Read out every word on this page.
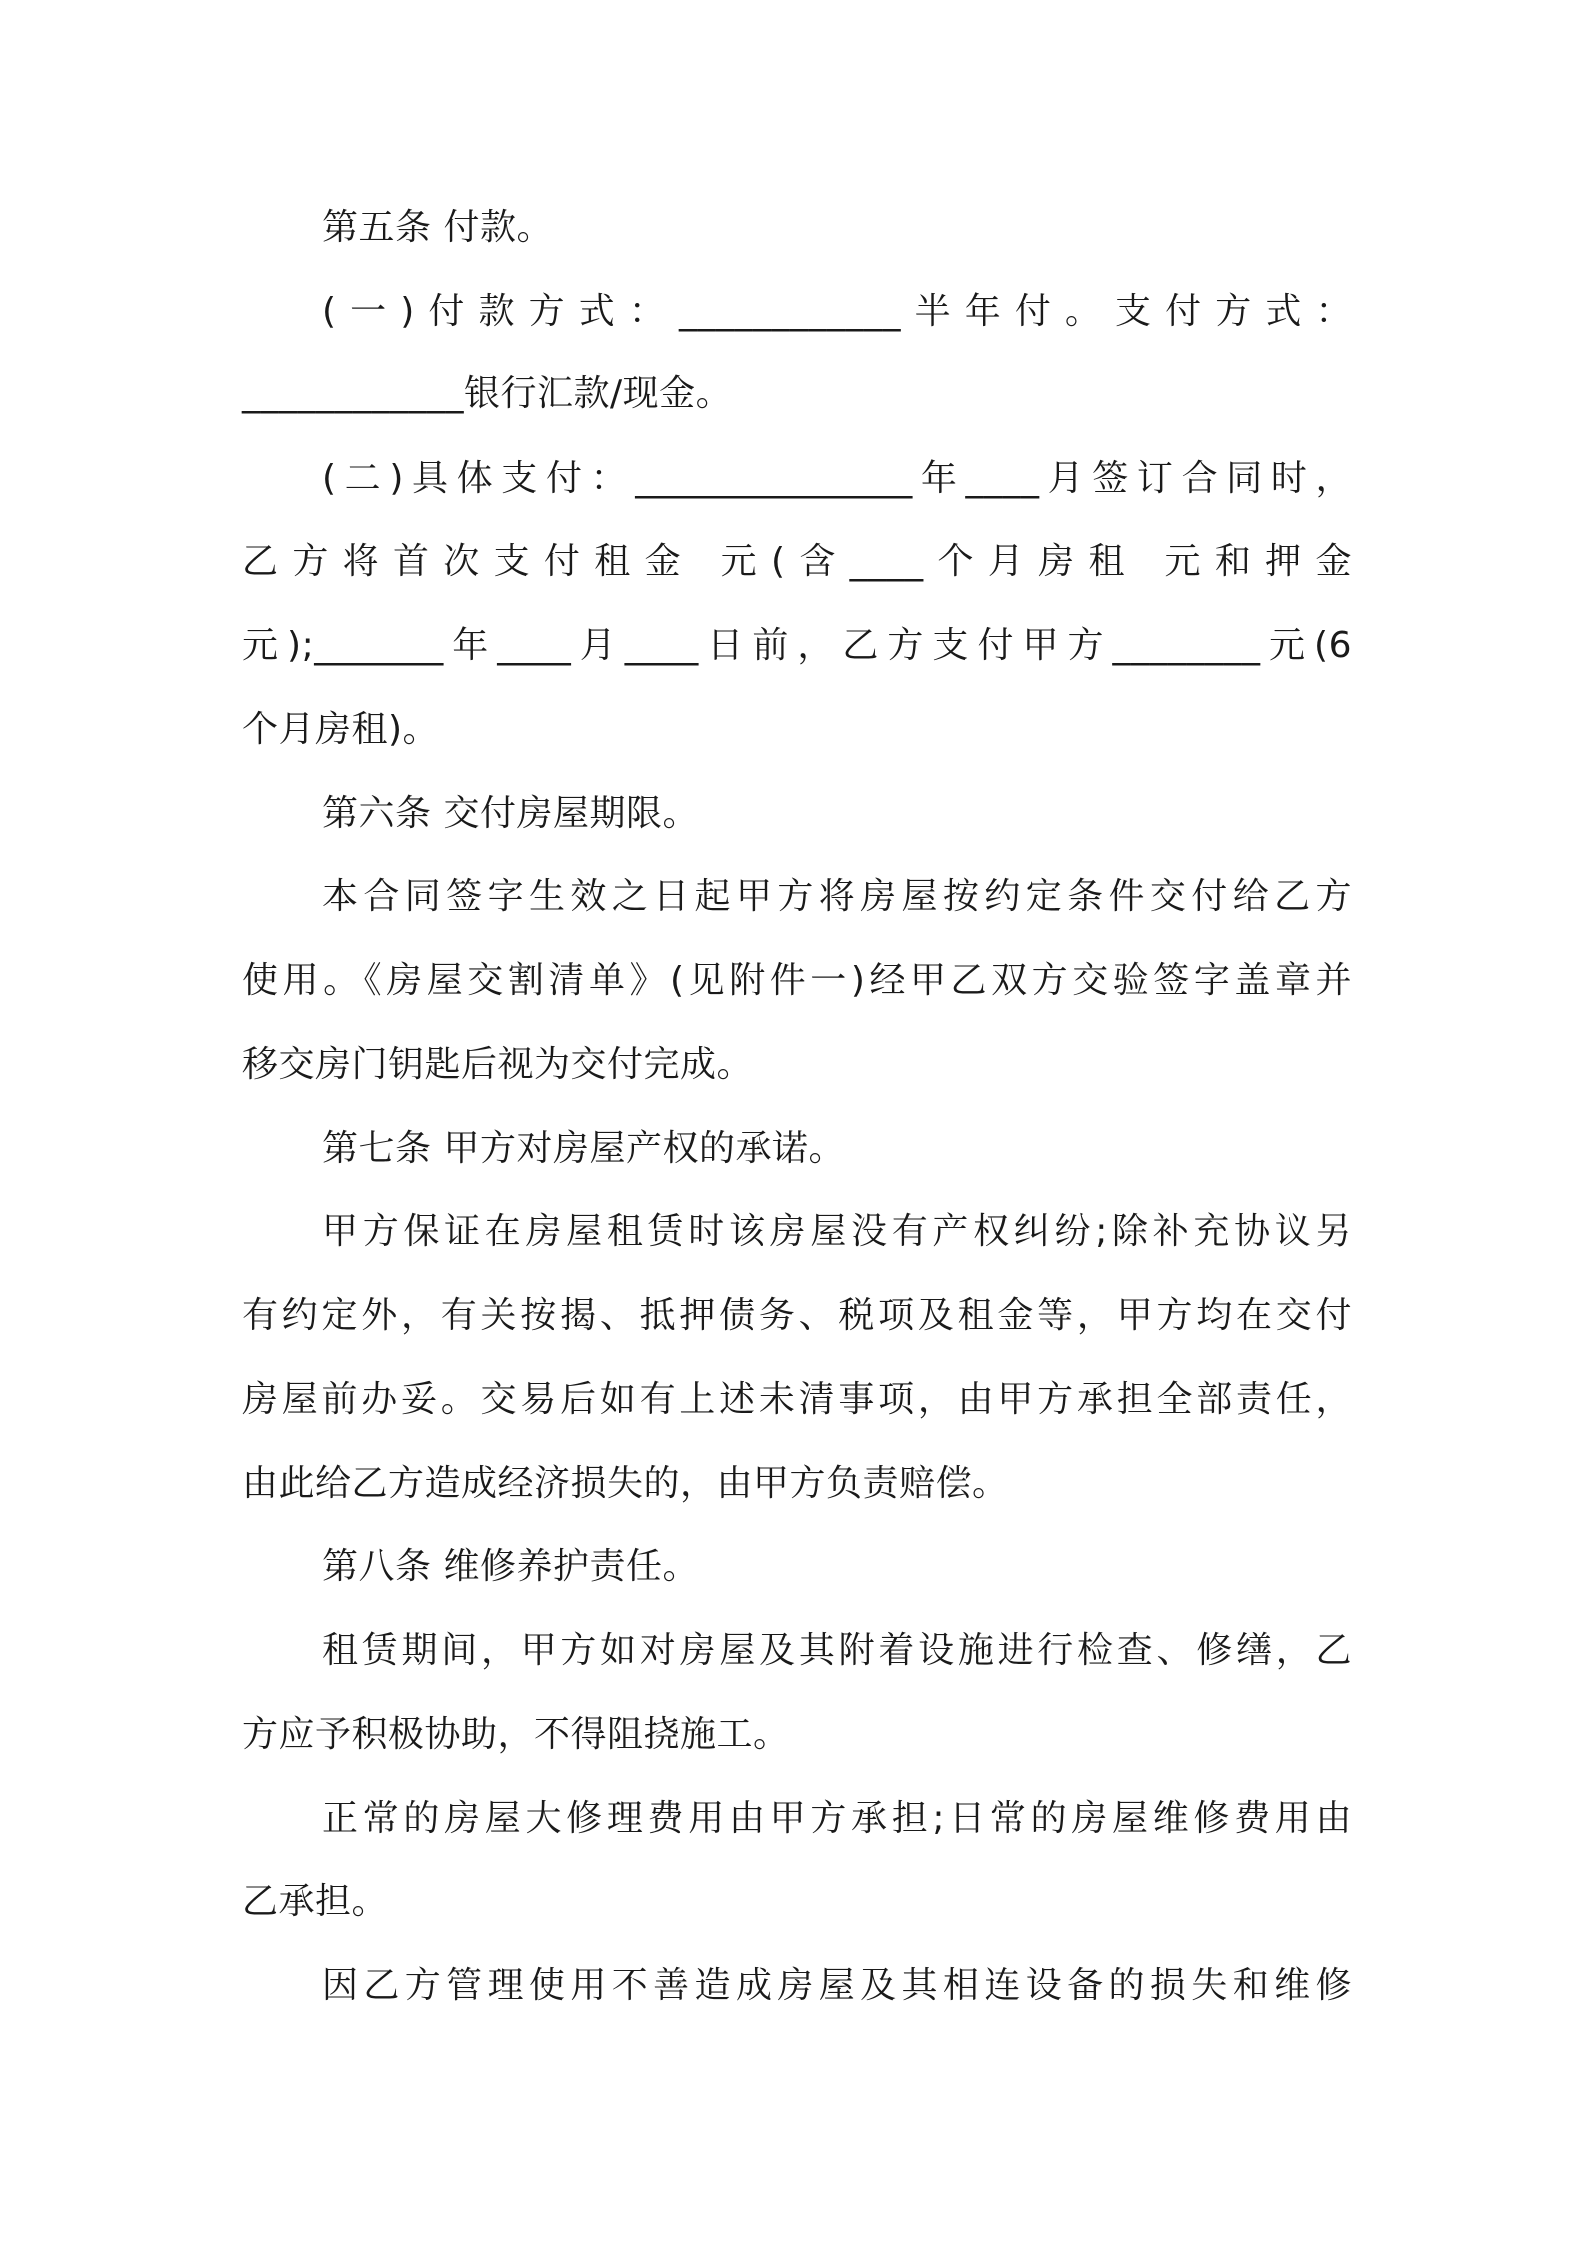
第五条 付款。
(一)付款方式：____________半年付。支付方式：
____________银行汇款/现金。
(二)具体支付：_______________年____月签订合同时，
乙方将首次支付租金 元(含____个月房租 元和押金
元);_______年____月____日前，乙方支付甲方________元(6
个月房租)。
第六条 交付房屋期限。
本合同签字生效之日起甲方将房屋按约定条件交付给乙方
使用。《房屋交割清单》(见附件一)经甲乙双方交验签字盖章并
移交房门钥匙后视为交付完成。
第七条 甲方对房屋产权的承诺。
甲方保证在房屋租赁时该房屋没有产权纠纷;除补充协议另
有约定外，有关按揭、抵押债务、税项及租金等，甲方均在交付
房屋前办妥。交易后如有上述未清事项，由甲方承担全部责任，
由此给乙方造成经济损失的，由甲方负责赔偿。
第八条 维修养护责任。
租赁期间，甲方如对房屋及其附着设施进行检查、修缮，乙
方应予积极协助，不得阻挠施工。
正常的房屋大修理费用由甲方承担;日常的房屋维修费用由
乙承担。
因乙方管理使用不善造成房屋及其相连设备的损失和维修
